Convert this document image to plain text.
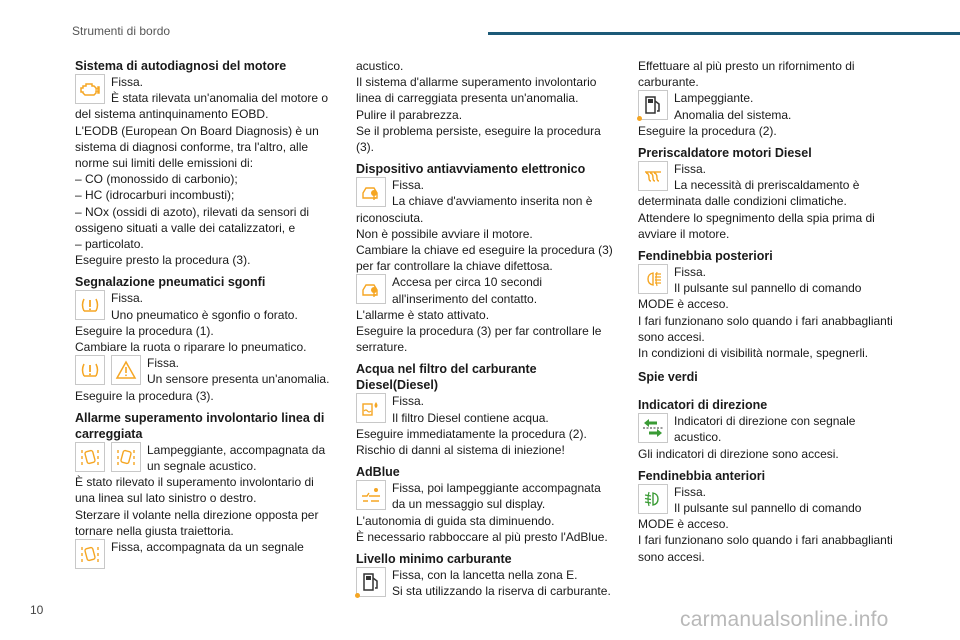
Strumenti di bordo
Sistema di autodiagnosi del motore
Fissa.
È stata rilevata un'anomalia del motore o
del sistema antinquinamento EOBD.
L'EODB (European On Board Diagnosis) è un
sistema di diagnosi conforme, tra l'altro, alle
norme sui limiti delle emissioni di:
– CO (monossido di carbonio);
– HC (idrocarburi incombusti);
– NOx (ossidi di azoto), rilevati da sensori di
ossigeno situati a valle dei catalizzatori, e
– particolato.
Eseguire presto la procedura (3).
Segnalazione pneumatici sgonfi
Fissa.
Uno pneumatico è sgonfio o forato.
Eseguire la procedura (1).
Cambiare la ruota o riparare lo pneumatico.
Fissa.
Un sensore presenta un'anomalia.
Eseguire la procedura (3).
Allarme superamento involontario linea di carreggiata
Lampeggiante, accompagnata da
un segnale acustico.
È stato rilevato il superamento involontario di
una linea sul lato sinistro o destro.
Sterzare il volante nella direzione opposta per
tornare nella giusta traiettoria.
Fissa, accompagnata da un segnale
acustico.
Il sistema d'allarme superamento involontario
linea di carreggiata presenta un'anomalia.
Pulire il parabrezza.
Se il problema persiste, eseguire la procedura
(3).
Dispositivo antiavviamento elettronico
Fissa.
La chiave d'avviamento inserita non è
riconosciuta.
Non è possibile avviare il motore.
Cambiare la chiave ed eseguire la procedura (3)
per far controllare la chiave difettosa.
Accesa per circa 10 secondi
all'inserimento del contatto.
L'allarme è stato attivato.
Eseguire la procedura (3) per far controllare le
serrature.
Acqua nel filtro del carburante Diesel(Diesel)
Fissa.
Il filtro Diesel contiene acqua.
Eseguire immediatamente la procedura (2).
Rischio di danni al sistema di iniezione!
AdBlue
Fissa, poi lampeggiante accompagnata
da un messaggio sul display.
L'autonomia di guida sta diminuendo.
È necessario rabboccare al più presto l'AdBlue.
Livello minimo carburante
Fissa, con la lancetta nella zona E.
Si sta utilizzando la riserva di carburante.
Effettuare al più presto un rifornimento di
carburante.
Lampeggiante.
Anomalia del sistema.
Eseguire la procedura (2).
Preriscaldatore motori Diesel
Fissa.
La necessità di preriscaldamento è
determinata dalle condizioni climatiche.
Attendere lo spegnimento della spia prima di
avviare il motore.
Fendinebbia posteriori
Fissa.
Il pulsante sul pannello di comando
MODE è acceso.
I fari funzionano solo quando i fari anabbaglianti
sono accesi.
In condizioni di visibilità normale, spegnerli.
Spie verdi
Indicatori di direzione
Indicatori di direzione con segnale
acustico.
Gli indicatori di direzione sono accesi.
Fendinebbia anteriori
Fissa.
Il pulsante sul pannello di comando
MODE è acceso.
I fari funzionano solo quando i fari anabbaglianti
sono accesi.
10	carmanualsonline.info
